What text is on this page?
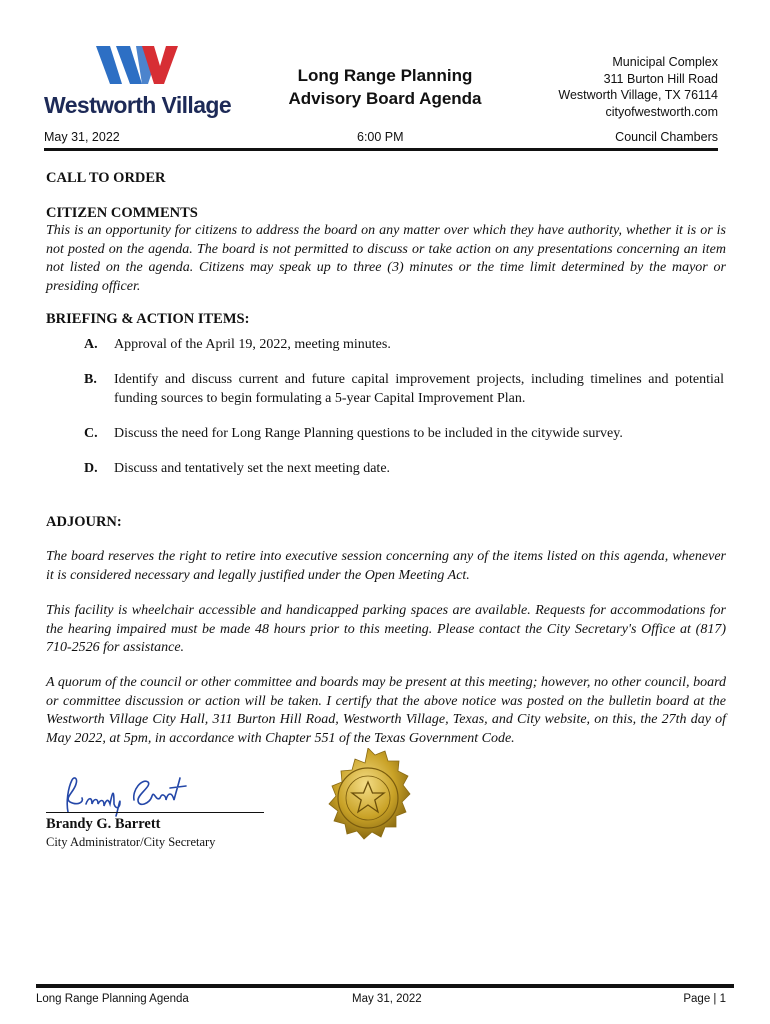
Westworth Village
Long Range Planning
Advisory Board Agenda
Municipal Complex
311 Burton Hill Road
Westworth Village, TX 76114
cityofwestworth.com
May 31, 2022	6:00 PM	Council Chambers

CALL TO ORDER

CITIZEN COMMENTS

This is an opportunity for citizens to address the board on any matter over which they have authority, whether it is or is not posted on the agenda. The board is not permitted to discuss or take action on any presentations concerning an item not listed on the agenda. Citizens may speak up to three (3) minutes or the time limit determined by the mayor or presiding officer.

BRIEFING & ACTION ITEMS:

A. Approval of the April 19, 2022, meeting minutes.
B. Identify and discuss current and future capital improvement projects, including timelines and potential funding sources to begin formulating a 5-year Capital Improvement Plan.
C. Discuss the need for Long Range Planning questions to be included in the citywide survey.
D. Discuss and tentatively set the next meeting date.

ADJOURN:

The board reserves the right to retire into executive session concerning any of the items listed on this agenda, whenever it is considered necessary and legally justified under the Open Meeting Act.

This facility is wheelchair accessible and handicapped parking spaces are available. Requests for accommodations for the hearing impaired must be made 48 hours prior to this meeting. Please contact the City Secretary's Office at (817) 710-2526 for assistance.

A quorum of the council or other committee and boards may be present at this meeting; however, no other council, board or committee discussion or action will be taken. I certify that the above notice was posted on the bulletin board at the Westworth Village City Hall, 311 Burton Hill Road, Westworth Village, Texas, and City website, on this, the 27th day of May 2022, at 5pm, in accordance with Chapter 551 of the Texas Government Code.

Brandy G. Barrett
City Administrator/City Secretary
Long Range Planning Agenda	May 31, 2022	Page | 1
